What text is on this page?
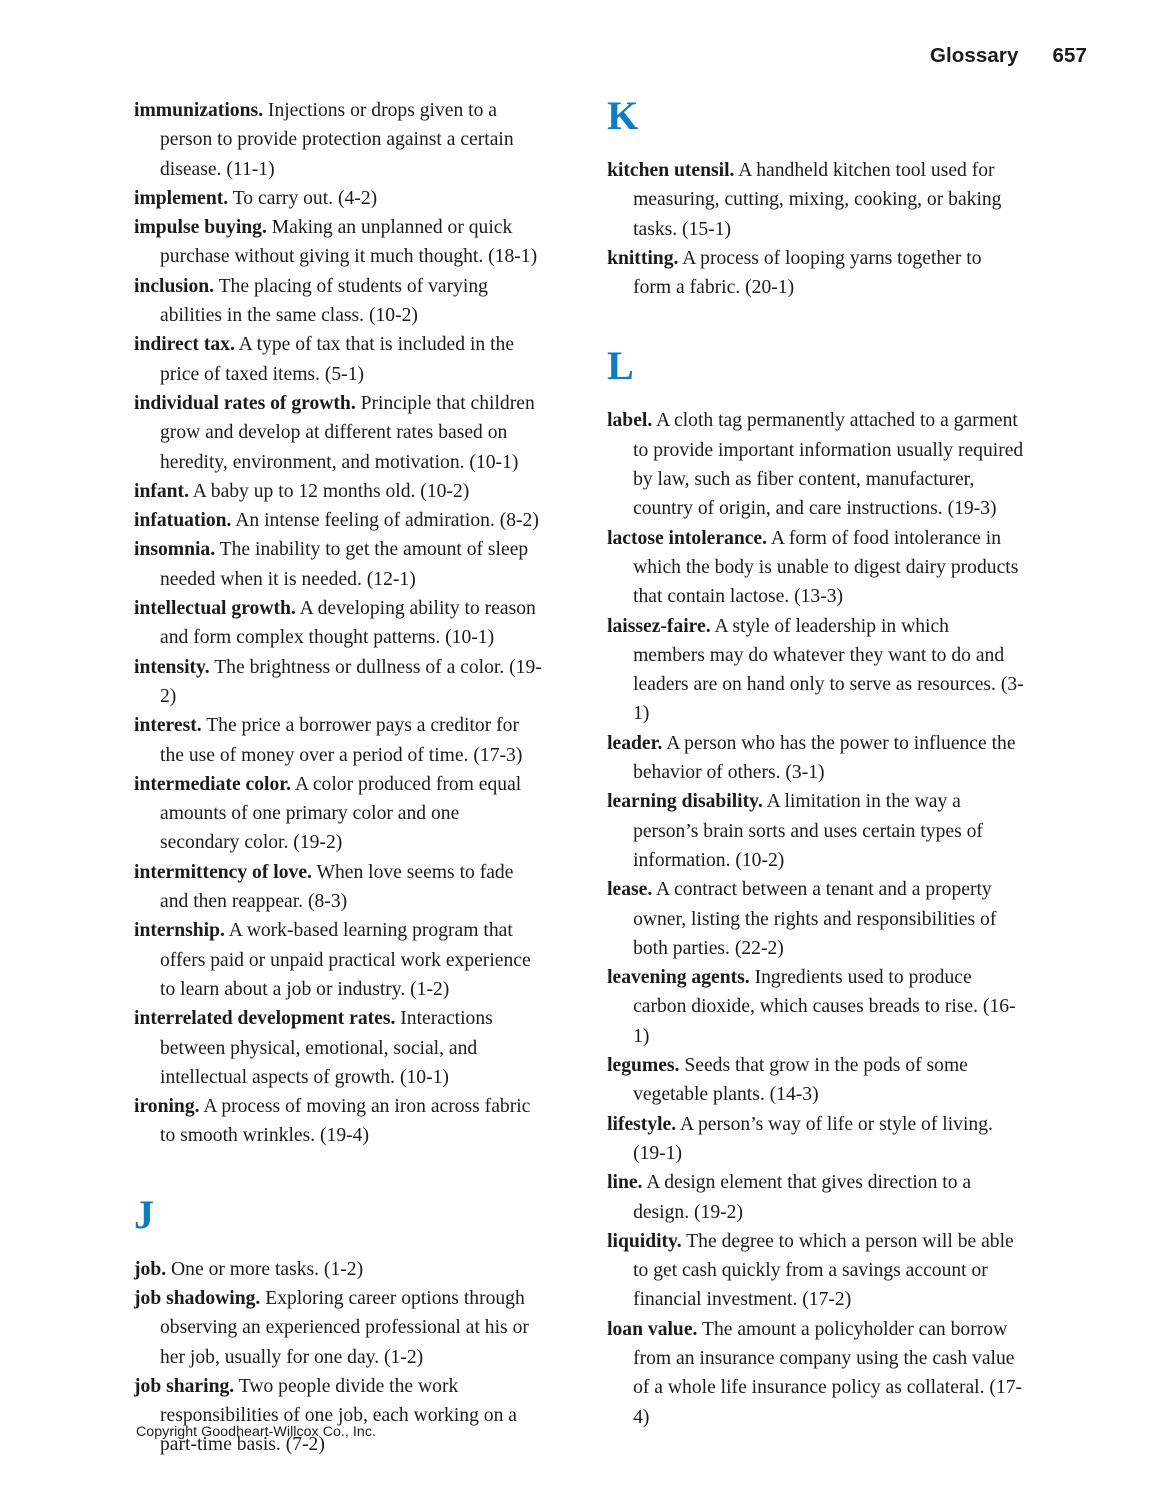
Glossary 657

immunizations. Injections or drops given to a person to provide protection against a certain disease. (11-1)

implement. To carry out. (4-2)

impulse buying. Making an unplanned or quick purchase without giving it much thought. (18-1)

inclusion. The placing of students of varying abilities in the same class. (10-2)

indirect tax. A type of tax that is included in the price of taxed items. (5-1)

individual rates of growth. Principle that children grow and develop at different rates based on heredity, environment, and motivation. (10-1)

infant. A baby up to 12 months old. (10-2)

infatuation. An intense feeling of admiration. (8-2)

insomnia. The inability to get the amount of sleep needed when it is needed. (12-1)

intellectual growth. A developing ability to reason and form complex thought patterns. (10-1)

intensity. The brightness or dullness of a color. (19-2)

interest. The price a borrower pays a creditor for the use of money over a period of time. (17-3)

intermediate color. A color produced from equal amounts of one primary color and one secondary color. (19-2)

intermittency of love. When love seems to fade and then reappear. (8-3)

internship. A work-based learning program that offers paid or unpaid practical work experience to learn about a job or industry. (1-2)

interrelated development rates. Interactions between physical, emotional, social, and intellectual aspects of growth. (10-1)

ironing. A process of moving an iron across fabric to smooth wrinkles. (19-4)

J

job. One or more tasks. (1-2)

job shadowing. Exploring career options through observing an experienced professional at his or her job, usually for one day. (1-2)

job sharing. Two people divide the work responsibilities of one job, each working on a part-time basis. (7-2)

K

kitchen utensil. A handheld kitchen tool used for measuring, cutting, mixing, cooking, or baking tasks. (15-1)

knitting. A process of looping yarns together to form a fabric. (20-1)

L

label. A cloth tag permanently attached to a garment to provide important information usually required by law, such as fiber content, manufacturer, country of origin, and care instructions. (19-3)

lactose intolerance. A form of food intolerance in which the body is unable to digest dairy products that contain lactose. (13-3)

laissez-faire. A style of leadership in which members may do whatever they want to do and leaders are on hand only to serve as resources. (3-1)

leader. A person who has the power to influence the behavior of others. (3-1)

learning disability. A limitation in the way a person’s brain sorts and uses certain types of information. (10-2)

lease. A contract between a tenant and a property owner, listing the rights and responsibilities of both parties. (22-2)

leavening agents. Ingredients used to produce carbon dioxide, which causes breads to rise. (16-1)

legumes. Seeds that grow in the pods of some vegetable plants. (14-3)

lifestyle. A person’s way of life or style of living. (19-1)

line. A design element that gives direction to a design. (19-2)

liquidity. The degree to which a person will be able to get cash quickly from a savings account or financial investment. (17-2)

loan value. The amount a policyholder can borrow from an insurance company using the cash value of a whole life insurance policy as collateral. (17-4)

Copyright Goodheart-Willcox Co., Inc.
